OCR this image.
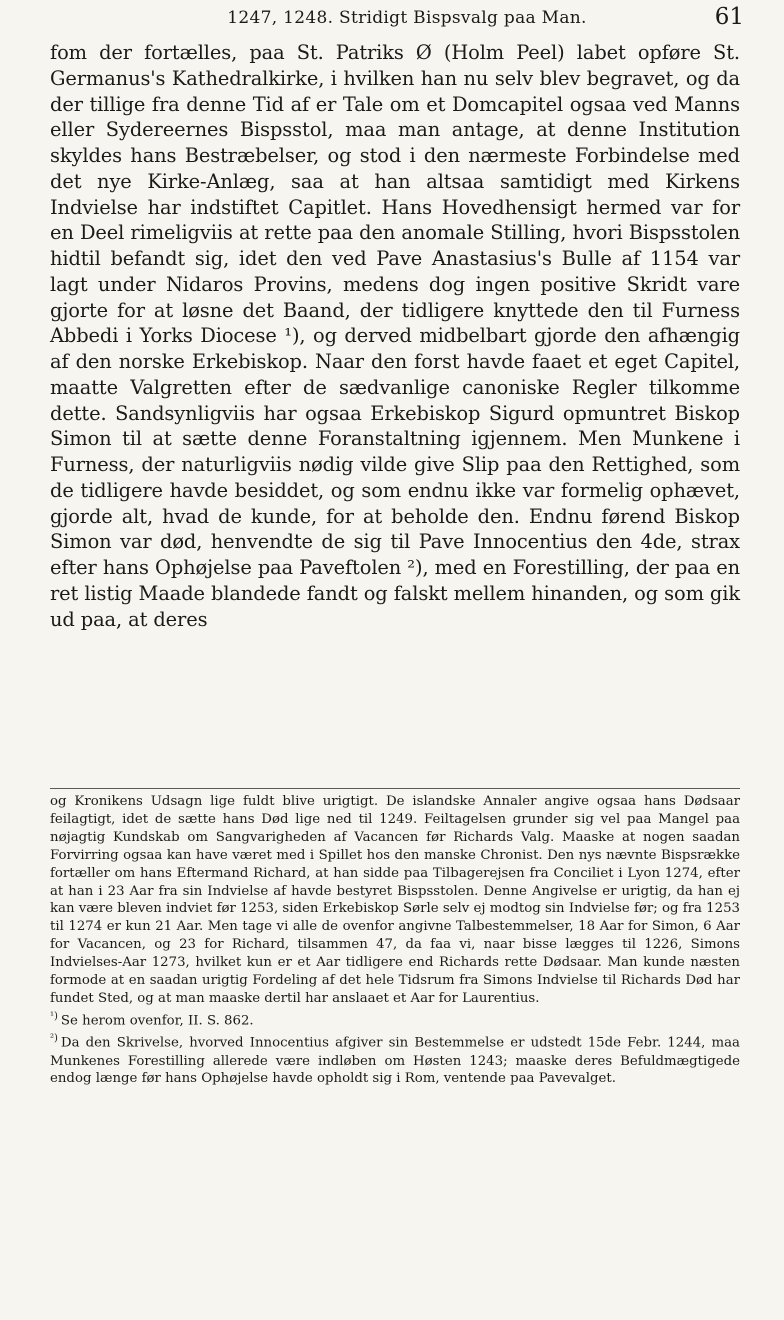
1247, 1248. Stridigt Bispsvalg paa Man.	61

fom der fortælles, paa St. Patriks Ø (Holm Peel) labet opføre St. Germanus's Kathedralkirke, i hvilken han nu selv blev begravet, og da der tillige fra denne Tid af er Tale om et Domcapitel ogsaa ved Manns eller Sydereernes Bispsstol, maa man antage, at denne Institution skyldes hans Bestræbelser, og stod i den nærmeste Forbindelse med det nye Kirke-Anlæg, saa at han altsaa samtidigt med Kirkens Indvielse har indstiftet Capitlet. Hans Hovedhensigt hermed var for en Deel rimeligviis at rette paa den anomale Stilling, hvori Bispsstolen hidtil befandt sig, idet den ved Pave Anastasius's Bulle af 1154 var lagt under Nidaros Provins, medens dog ingen positive Skridt vare gjorte for at løsne det Baand, der tidligere knyttede den til Furness Abbedi i Yorks Diocese ¹), og derved midbelbart gjorde den afhængig af den norske Erkebiskop. Naar den forst havde faaet et eget Capitel, maatte Valgretten efter de sædvanlige canoniske Regler tilkomme dette. Sandsynligviis har ogsaa Erkebiskop Sigurd opmuntret Biskop Simon til at sætte denne Foranstaltning igjennem. Men Munkene i Furness, der naturligviis nødig vilde give Slip paa den Rettighed, som de tidligere havde besiddet, og som endnu ikke var formelig ophævet, gjorde alt, hvad de kunde, for at beholde den. Endnu førend Biskop Simon var død, henvendte de sig til Pave Innocentius den 4de, strax efter hans Ophøjelse paa Paveftolen ²), med en Forestilling, der paa en ret listig Maade blandede fandt og falskt mellem hinanden, og som gik ud paa, at deres

og Kronikens Udsagn lige fuldt blive urigtigt. De islandske Annaler angive ogsaa hans Dødsaar feilagtigt, idet de sætte hans Død lige ned til 1249. Feiltagelsen grunder sig vel paa Mangel paa nøjagtig Kundskab om Sangvarigheden af Vacancen før Richards Valg. Maaske at nogen saadan Forvirring ogsaa kan have været med i Spillet hos den manske Chronist. Den nys nævnte Bispsrække fortæller om hans Eftermand Richard, at han sidde paa Tilbagerejsen fra Conciliet i Lyon 1274, efter at han i 23 Aar fra sin Indvielse af havde bestyret Bispsstolen. Denne Angivelse er urigtig, da han ej kan være bleven indviet før 1253, siden Erkebiskop Sørle selv ej modtog sin Indvielse før; og fra 1253 til 1274 er kun 21 Aar. Men tage vi alle de ovenfor angivne Talbestemmelser, 18 Aar for Simon, 6 Aar for Vacancen, og 23 for Richard, tilsammen 47, da faa vi, naar bisse lægges til 1226, Simons Indvielses-Aar 1273, hvilket kun er et Aar tidligere end Richards rette Dødsaar. Man kunde næsten formode at en saadan urigtig Fordeling af det hele Tidsrum fra Simons Indvielse til Richards Død har fundet Sted, og at man maaske dertil har anslaaet et Aar for Laurentius.

$^{^1)}$ Se herom ovenfor, II. S. 862.

$^{^2)}$ Da den Skrivelse, hvorved Innocentius afgiver sin Bestemmelse er udstedt 15de Febr. 1244, maa Munkenes Forestilling allerede være indløben om Høsten 1243; maaske deres Befuldmægtigede endog længe før hans Ophøjelse havde opholdt sig i Rom, ventende paa Pavevalget.
